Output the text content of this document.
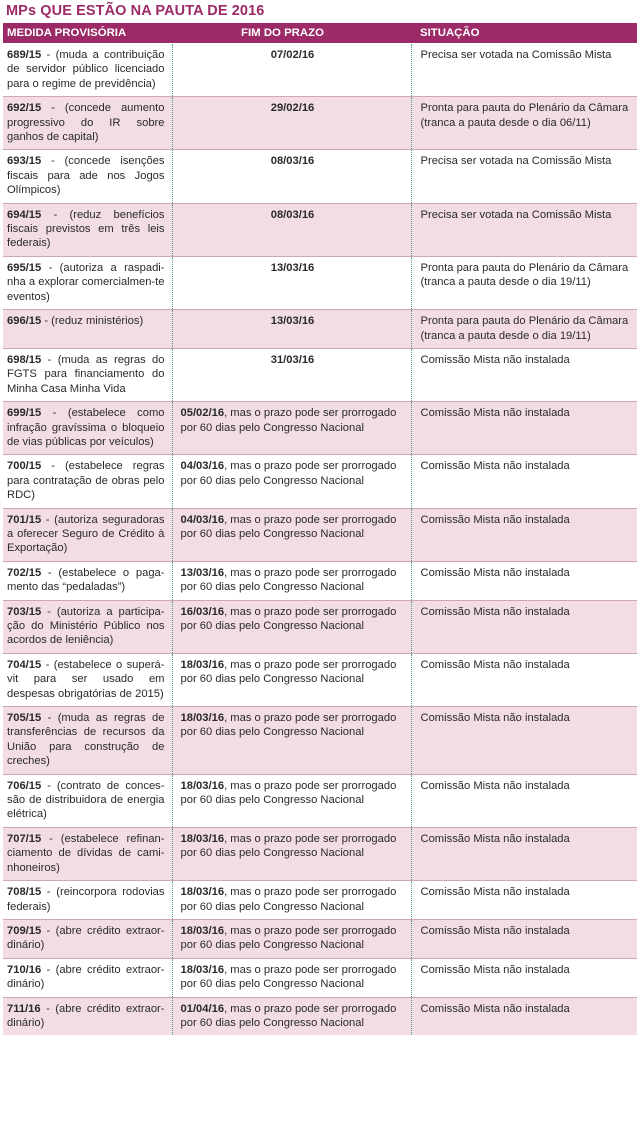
MPs QUE ESTÃO NA PAUTA DE 2016
MEDIDA PROVISÓRIA	FIM DO PRAZO	SITUAÇÃO
689/15 - (muda a contribuição de servidor público licenciado para o regime de previdência)	07/02/16	Precisa ser votada na Comissão Mista
692/15 - (concede aumento progressivo do IR sobre ganhos de capital)	29/02/16	Pronta para pauta do Plenário da Câmara (tranca a pauta desde o dia 06/11)
693/15 - (concede isenções fiscais para ade nos Jogos Olímpicos)	08/03/16	Precisa ser votada na Comissão Mista
694/15 - (reduz benefícios fiscais previstos em três leis federais)	08/03/16	Precisa ser votada na Comissão Mista
695/15 - (autoriza a raspadi-nha a explorar comercialmen-te eventos)	13/03/16	Pronta para pauta do Plenário da Câmara (tranca a pauta desde o dia 19/11)
696/15 - (reduz ministérios)	13/03/16	Pronta para pauta do Plenário da Câmara (tranca a pauta desde o dia 19/11)
698/15 - (muda as regras do FGTS para financiamento do Minha Casa Minha Vida	31/03/16	Comissão Mista não instalada
699/15 - (estabelece como infração gravíssima o bloqueio de vias públicas por veículos)	05/02/16, mas o prazo pode ser prorrogado por 60 dias pelo Congresso Nacional	Comissão Mista não instalada
700/15 - (estabelece regras para contratação de obras pelo RDC)	04/03/16, mas o prazo pode ser prorrogado por 60 dias pelo Congresso Nacional	Comissão Mista não instalada
701/15 - (autoriza seguradoras a oferecer Seguro de Crédito à Exportação)	04/03/16, mas o prazo pode ser prorrogado por 60 dias pelo Congresso Nacional	Comissão Mista não instalada
702/15 - (estabelece o paga-mento das “pedaladas”)	13/03/16, mas o prazo pode ser prorrogado por 60 dias pelo Congresso Nacional	Comissão Mista não instalada
703/15 - (autoriza a participa-ção do Ministério Público nos acordos de leniência)	16/03/16, mas o prazo pode ser prorrogado por 60 dias pelo Congresso Nacional	Comissão Mista não instalada
704/15 - (estabelece o superá-vit para ser usado em despesas obrigatórias de 2015)	18/03/16, mas o prazo pode ser prorrogado por 60 dias pelo Congresso Nacional	Comissão Mista não instalada
705/15 - (muda as regras de transferências de recursos da União para construção de creches)	18/03/16, mas o prazo pode ser prorrogado por 60 dias pelo Congresso Nacional	Comissão Mista não instalada
706/15 - (contrato de conces-são de distribuidora de energia elétrica)	18/03/16, mas o prazo pode ser prorrogado por 60 dias pelo Congresso Nacional	Comissão Mista não instalada
707/15 - (estabelece refinan-ciamento de dívidas de cami-nhoneiros)	18/03/16, mas o prazo pode ser prorrogado por 60 dias pelo Congresso Nacional	Comissão Mista não instalada
708/15 - (reincorpora rodovias federais)	18/03/16, mas o prazo pode ser prorrogado por 60 dias pelo Congresso Nacional	Comissão Mista não instalada
709/15 - (abre crédito extraor-dinário)	18/03/16, mas o prazo pode ser prorrogado por 60 dias pelo Congresso Nacional	Comissão Mista não instalada
710/16 - (abre crédito extraor-dinário)	18/03/16, mas o prazo pode ser prorrogado por 60 dias pelo Congresso Nacional	Comissão Mista não instalada
711/16 - (abre crédito extraor-dinário)	01/04/16, mas o prazo pode ser prorrogado por 60 dias pelo Congresso Nacional	Comissão Mista não instalada
